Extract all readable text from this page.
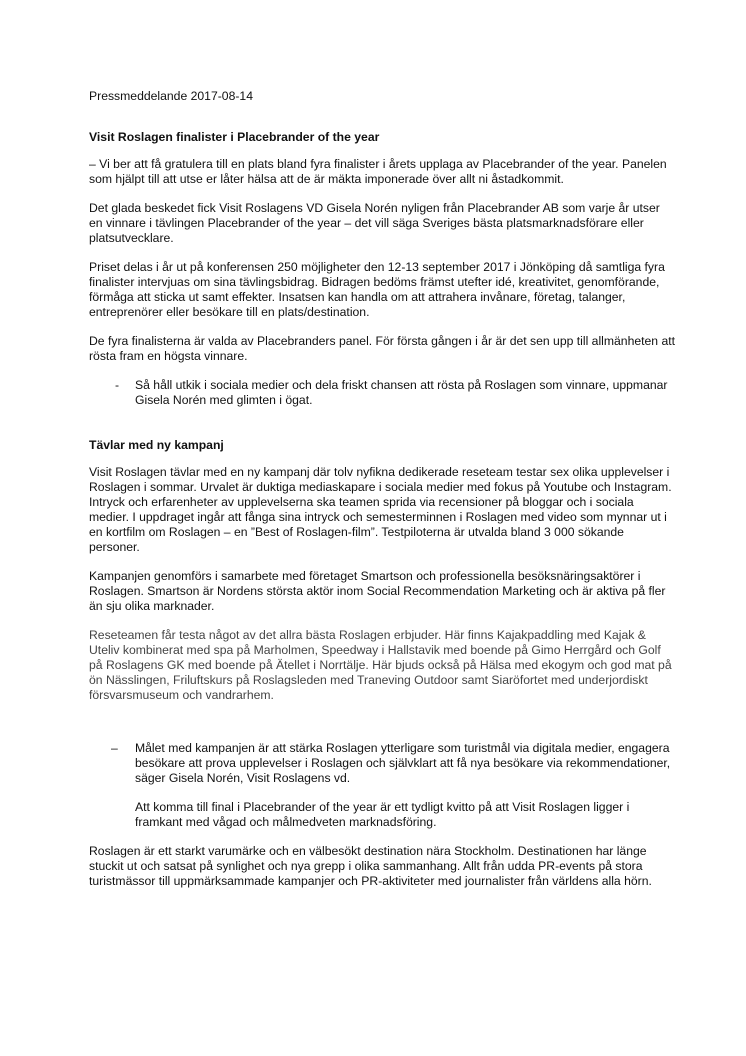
Pressmeddelande 2017-08-14
Visit Roslagen finalister i Placebrander of the year
– Vi ber att få gratulera till en plats bland fyra finalister i årets upplaga av Placebrander of the year. Panelen som hjälpt till att utse er låter hälsa att de är mäkta imponerade över allt ni åstadkommit.
Det glada beskedet fick Visit Roslagens VD Gisela Norén nyligen från Placebrander AB som varje år utser en vinnare i tävlingen Placebrander of the year – det vill säga Sveriges bästa platsmarknadsförare eller platsutvecklare.
Priset delas i år ut på konferensen 250 möjligheter den 12-13 september 2017 i Jönköping då samtliga fyra finalister intervjuas om sina tävlingsbidrag. Bidragen bedöms främst utefter idé, kreativitet, genomförande, förmåga att sticka ut samt effekter. Insatsen kan handla om att attrahera invånare, företag, talanger, entreprenörer eller besökare till en plats/destination.
De fyra finalisterna är valda av Placebranders panel. För första gången i år är det sen upp till allmänheten att rösta fram en högsta vinnare.
-	Så håll utkik i sociala medier och dela friskt chansen att rösta på Roslagen som vinnare, uppmanar Gisela Norén med glimten i ögat.
Tävlar med ny kampanj
Visit Roslagen tävlar med en ny kampanj där tolv nyfikna dedikerade reseteam testar sex olika upplevelser i Roslagen i sommar. Urvalet är duktiga mediaskapare i sociala medier med fokus på Youtube och Instagram. Intryck och erfarenheter av upplevelserna ska teamen sprida via recensioner på bloggar och i sociala medier. I uppdraget ingår att fånga sina intryck och semesterminnen i Roslagen med video som mynnar ut i en kortfilm om Roslagen – en ”Best of Roslagen-film”. Testpiloterna är utvalda bland 3 000 sökande personer.
Kampanjen genomförs i samarbete med företaget Smartson och professionella besöksnäringsaktörer i Roslagen. Smartson är Nordens största aktör inom Social Recommendation Marketing och är aktiva på fler än sju olika marknader.
Reseteamen får testa något av det allra bästa Roslagen erbjuder. Här finns Kajakpaddling med Kajak & Uteliv kombinerat med spa på Marholmen, Speedway i Hallstavik med boende på Gimo Herrgård och Golf på Roslagens GK med boende på Ätellet i Norrtälje. Här bjuds också på Hälsa med ekogym och god mat på ön Nässlingen, Friluftskurs på Roslagsleden med Traneving Outdoor samt Siaröfortet med underjordiskt försvarsmuseum och vandrarhem.
–	Målet med kampanjen är att stärka Roslagen ytterligare som turistmål via digitala medier, engagera besökare att prova upplevelser i Roslagen och självklart att få nya besökare via rekommendationer, säger Gisela Norén, Visit Roslagens vd.
Att komma till final i Placebrander of the year är ett tydligt kvitto på att Visit Roslagen ligger i framkant med vågad och målmedveten marknadsföring.
Roslagen är ett starkt varumärke och en välbesökt destination nära Stockholm. Destinationen har länge stuckit ut och satsat på synlighet och nya grepp i olika sammanhang. Allt från udda PR-events på stora turistmässor till uppmärksammade kampanjer och PR-aktiviteter med journalister från världens alla hörn.
